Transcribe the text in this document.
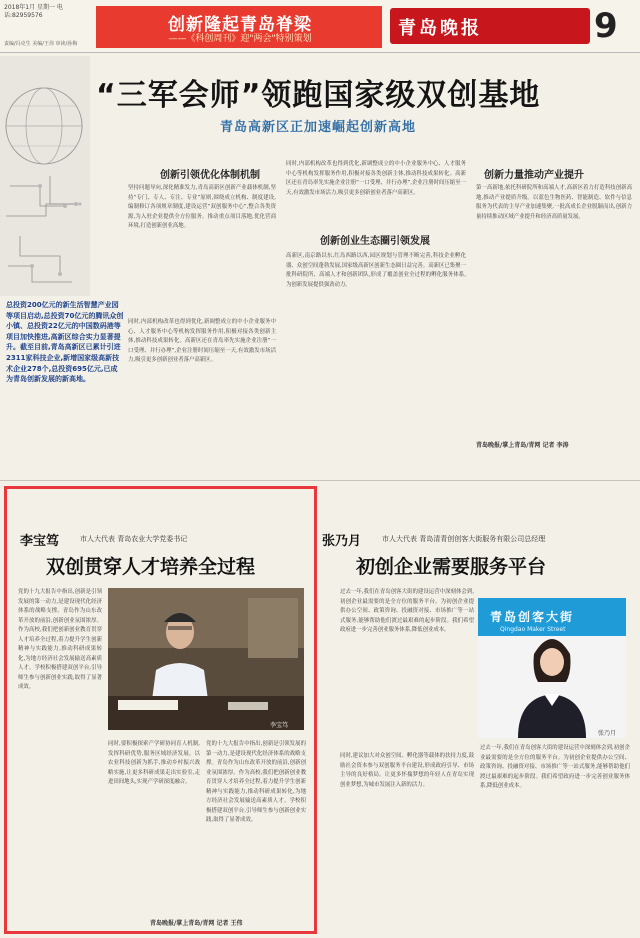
2018年1月 星期一 电话:82959576	创新隆起青岛脊梁
——《科创周刊》迎"两会"特别策划	青岛晚报	9
责编/冯克生 美编/王伟 审读/孙梅
“三军会师”领跑国家级双创基地
青岛高新区正加速崛起创新高地
创新引领优化体制机制
创新创业生态圈引领发展
创新力量推动产业提升
坚持问题导向,深化精准发力,青岛高新区创新产业载体机制,坚持“专门、专人、专注、专业”原则,围绕成立机构、制度建设,编制修订各项规章制度,建设运营“双创服务中心”,整合各类资源,为入驻企业提供全方位服务。推动重点项目落地,优化营商环境,打造创新创业高地。
同时,内部机构改革也得到优化,新调整成立的中小企业服务中心、人才服务中心等机构发挥服务作用,积极对接各类创新主体,推动科技成果转化。高新区还在青岛率先实施企业注册“一口受理、并行办理”,企业注册时间压缩至一天,有效激发市场活力,吸引更多创新创业者落户高新区。
同时,内部机构改革也得到优化,新调整成立的中小企业服务中心、人才服务中心等机构发挥服务作用,积极对接各类创新主体,推动科技成果转化。高新区还在青岛率先实施企业注册“一口受理、并行办理”,企业注册时间压缩至一天,有效激发市场活力,吸引更多创新创业者落户高新区。
高新区,南京路以东,红岛西路以西,园区规划与管理不断完善,科技企业孵化器、众创空间蓬勃发展,国家级高新区创新生态圈日益完善。高新区已集聚一批科研院所、高端人才和创新团队,形成了覆盖创业全过程的孵化服务体系,为创新发展提供强劲动力。
第一高新地,依托科研院所和高端人才,高新区着力打造科技创新高地,推动产业提质升级。以蓝色生物医药、智能制造、软件与信息服务为代表的主导产业加速集聚,一批高成长企业脱颖而出,创新力量持续推动区域产业提升和经济高质量发展。
青岛晚报/掌上青岛/青网 记者 李涛
总投资200亿元的新生活智慧产业园等项目启动,总投资70亿元的腾讯众创小镇、总投资22亿元的中国数码港等项目加快推进,高新区综合实力显著提升。截至目前,青岛高新区已累计引进2311家科技企业,新增国家级高新技术企业278个,总投资695亿元,已成为青岛创新发展的新高地。
李宝笃	市人大代表 青岛农业大学党委书记
双创贯穿人才培养全过程
党的十九大报告中指出,创新是引领发展的第一动力,是建设现代化经济体系的战略支撑。青岛作为山东改革开放的前沿,创新创业氛围浓厚。作为高校,我们把创新创业教育贯穿人才培养全过程,着力提升学生创新精神与实践能力,推动科研成果转化,为地方经济社会发展输送高素质人才。学校积极搭建双创平台,引导师生参与创新创业实践,取得了显著成效。
李宝笃
同时,要积极探索产学研协同育人机制,发挥科研优势,服务区域经济发展。以农业科技创新为抓手,推动乡村振兴战略实施,让更多科研成果走出实验室,走进田间地头,实现产学研深度融合。
党的十九大报告中指出,创新是引领发展的第一动力,是建设现代化经济体系的战略支撑。青岛作为山东改革开放的前沿,创新创业氛围浓厚。作为高校,我们把创新创业教育贯穿人才培养全过程,着力提升学生创新精神与实践能力,推动科研成果转化,为地方经济社会发展输送高素质人才。学校积极搭建双创平台,引导师生参与创新创业实践,取得了显著成效。
青岛晚报/掌上青岛/青网 记者 王伟
张乃月	市人大代表 青岛清青创创客大街服务有限公司总经理
初创企业需要服务平台
过去一年,我们在青岛创客大街的建设运营中深刻体会到,初创企业最需要的是全方位的服务平台。为初创企业提供办公空间、政策咨询、投融资对接、市场推广等一站式服务,能够帮助他们渡过最艰难的起步阶段。我们希望政府进一步完善创业服务体系,降低创业成本。
青岛创客大街
Qingdao Maker Street
张乃月
同时,建议加大对众创空间、孵化器等载体的扶持力度,鼓励社会资本参与双创服务平台建设,形成政府引导、市场主导的良好格局。让更多怀揣梦想的年轻人在青岛实现创业梦想,为城市发展注入新的活力。
过去一年,我们在青岛创客大街的建设运营中深刻体会到,初创企业最需要的是全方位的服务平台。为初创企业提供办公空间、政策咨询、投融资对接、市场推广等一站式服务,能够帮助他们渡过最艰难的起步阶段。我们希望政府进一步完善创业服务体系,降低创业成本。
